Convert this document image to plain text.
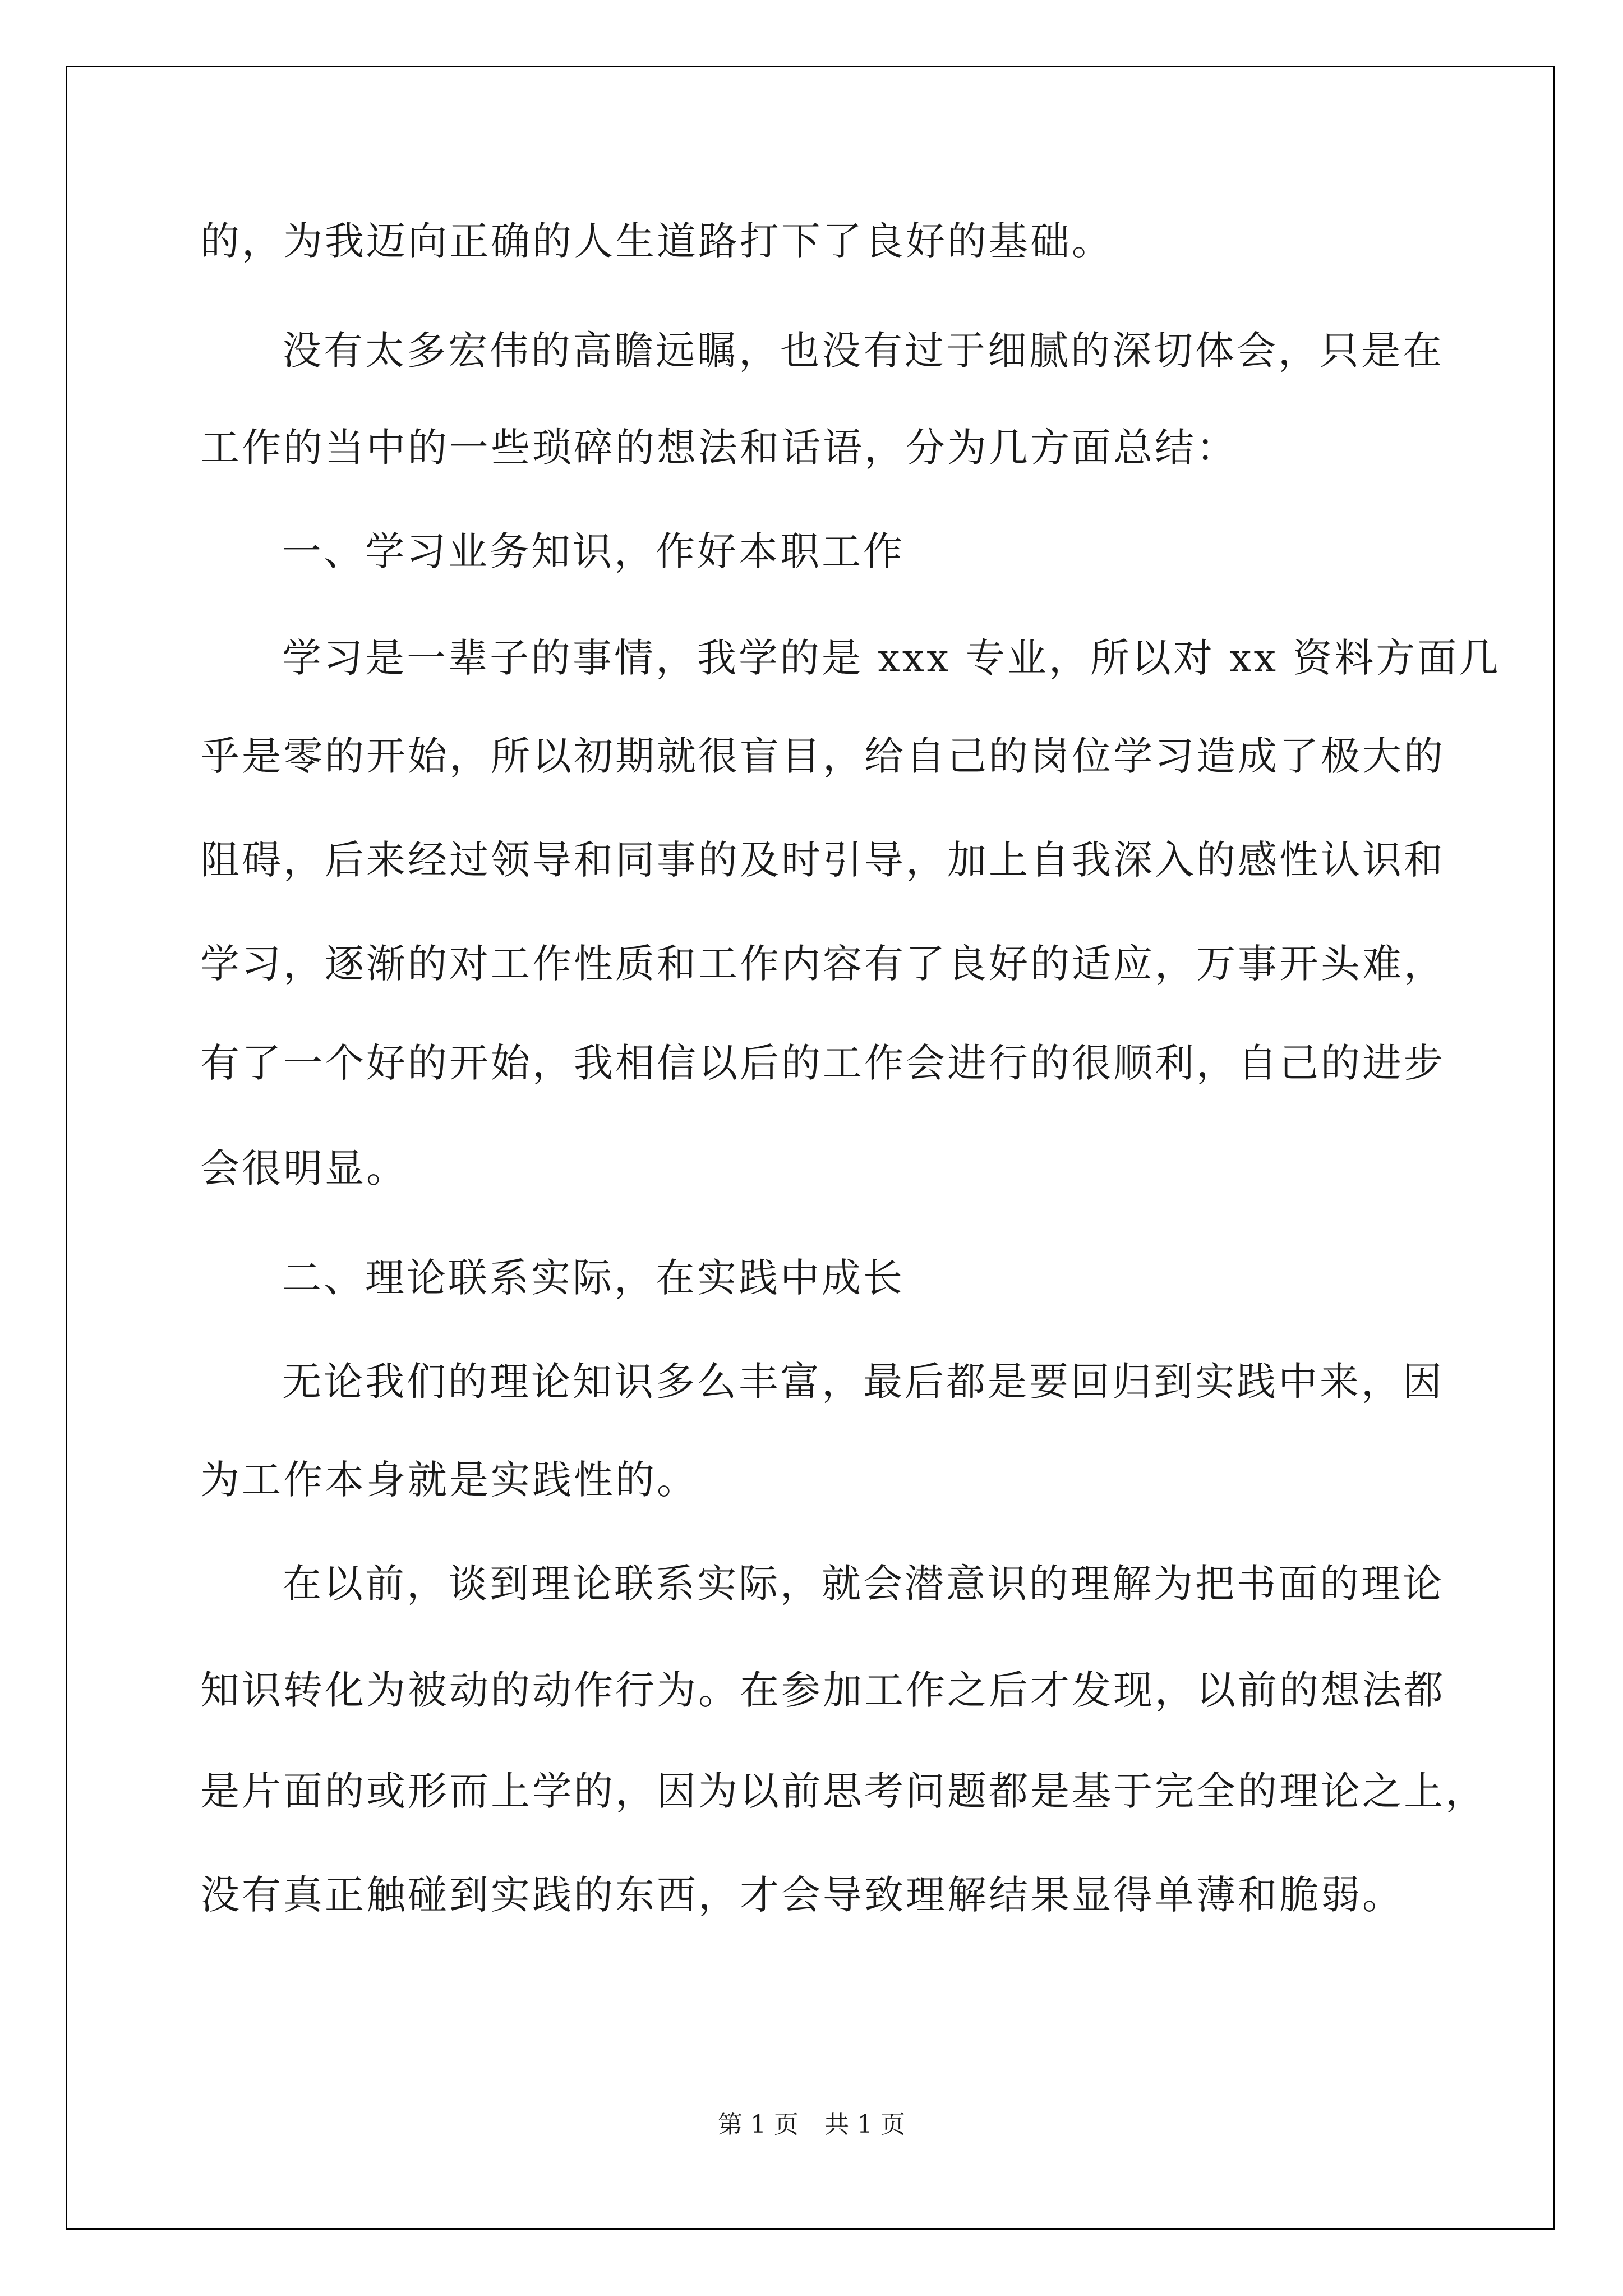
的，为我迈向正确的人生道路打下了良好的基础。
没有太多宏伟的高瞻远瞩，也没有过于细腻的深切体会，只是在
工作的当中的一些琐碎的想法和话语，分为几方面总结：
一、学习业务知识，作好本职工作
学习是一辈子的事情，我学的是 xxx 专业，所以对 xx 资料方面几
乎是零的开始，所以初期就很盲目，给自己的岗位学习造成了极大的
阻碍，后来经过领导和同事的及时引导，加上自我深入的感性认识和
学习，逐渐的对工作性质和工作内容有了良好的适应，万事开头难，
有了一个好的开始，我相信以后的工作会进行的很顺利，自己的进步
会很明显。
二、理论联系实际，在实践中成长
无论我们的理论知识多么丰富，最后都是要回归到实践中来，因
为工作本身就是实践性的。
在以前，谈到理论联系实际，就会潜意识的理解为把书面的理论
知识转化为被动的动作行为。在参加工作之后才发现，以前的想法都
是片面的或形而上学的，因为以前思考问题都是基于完全的理论之上，
没有真正触碰到实践的东西，才会导致理解结果显得单薄和脆弱。
第 1 页 共 1 页
